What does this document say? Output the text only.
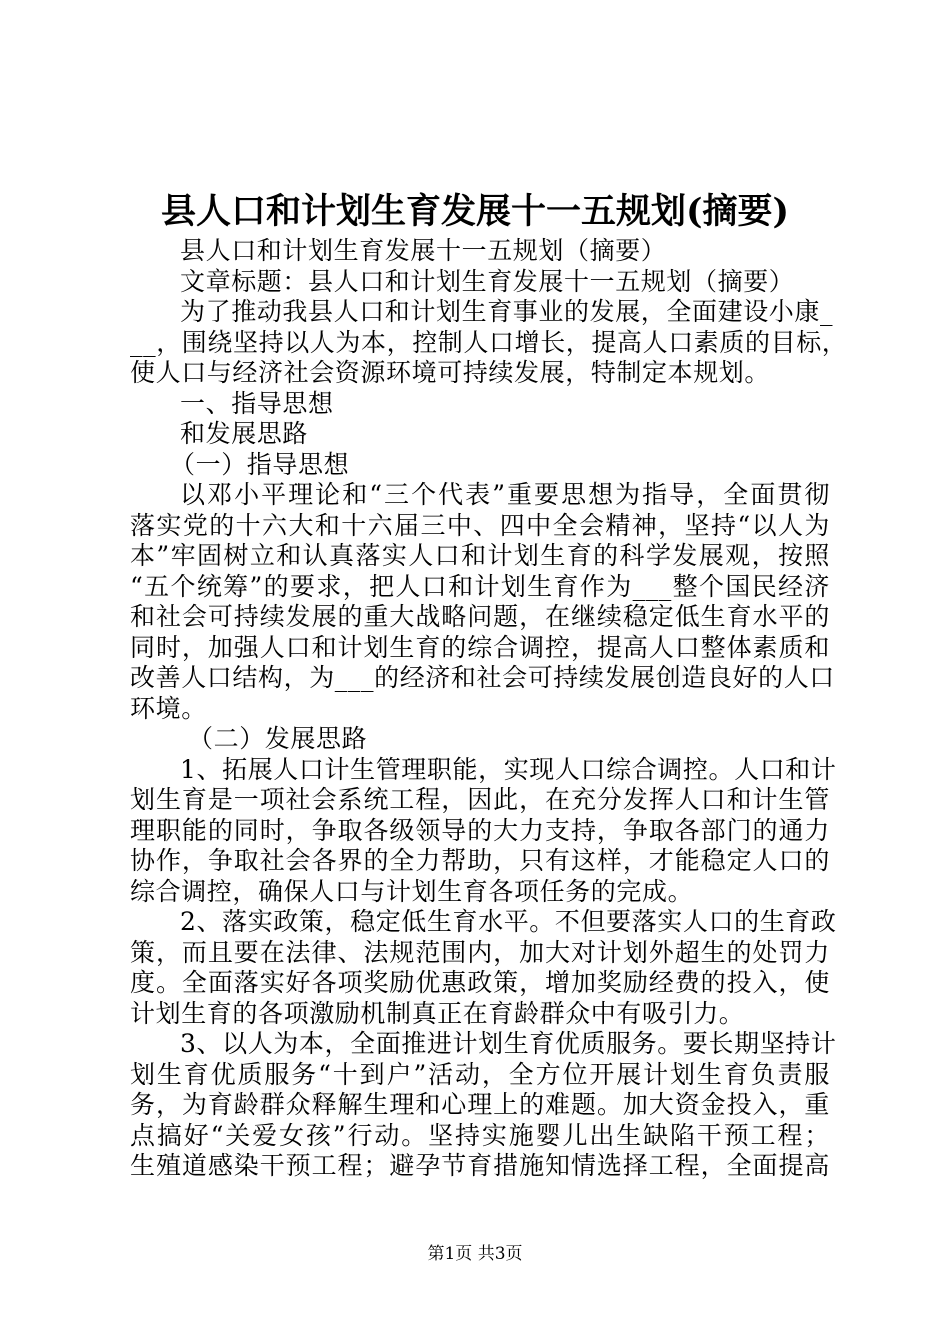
县人口和计划生育发展十一五规划(摘要)
县人口和计划生育发展十一五规划（摘要）
文章标题：县人口和计划生育发展十一五规划（摘要）
为了推动我县人口和计划生育事业的发展，全面建设小康_
__，围绕坚持以人为本，控制人口增长，提高人口素质的目标，
使人口与经济社会资源环境可持续发展，特制定本规划。
一、指导思想
和发展思路
（一）指导思想
以邓小平理论和“三个代表”重要思想为指导，全面贯彻
落实党的十六大和十六届三中、四中全会精神，坚持“以人为
本”牢固树立和认真落实人口和计划生育的科学发展观，按照
“五个统筹”的要求，把人口和计划生育作为___整个国民经济
和社会可持续发展的重大战略问题，在继续稳定低生育水平的
同时，加强人口和计划生育的综合调控，提高人口整体素质和
改善人口结构，为___的经济和社会可持续发展创造良好的人口
环境。
（二）发展思路
1、拓展人口计生管理职能，实现人口综合调控。人口和计
划生育是一项社会系统工程，因此，在充分发挥人口和计生管
理职能的同时，争取各级领导的大力支持，争取各部门的通力
协作，争取社会各界的全力帮助，只有这样，才能稳定人口的
综合调控，确保人口与计划生育各项任务的完成。
2、落实政策，稳定低生育水平。不但要落实人口的生育政
策，而且要在法律、法规范围内，加大对计划外超生的处罚力
度。全面落实好各项奖励优惠政策，增加奖励经费的投入，使
计划生育的各项激励机制真正在育龄群众中有吸引力。
3、以人为本，全面推进计划生育优质服务。要长期坚持计
划生育优质服务“十到户”活动，全方位开展计划生育负责服
务，为育龄群众释解生理和心理上的难题。加大资金投入，重
点搞好“关爱女孩”行动。坚持实施婴儿出生缺陷干预工程；
生殖道感染干预工程；避孕节育措施知情选择工程，全面提高
第1页 共3页
